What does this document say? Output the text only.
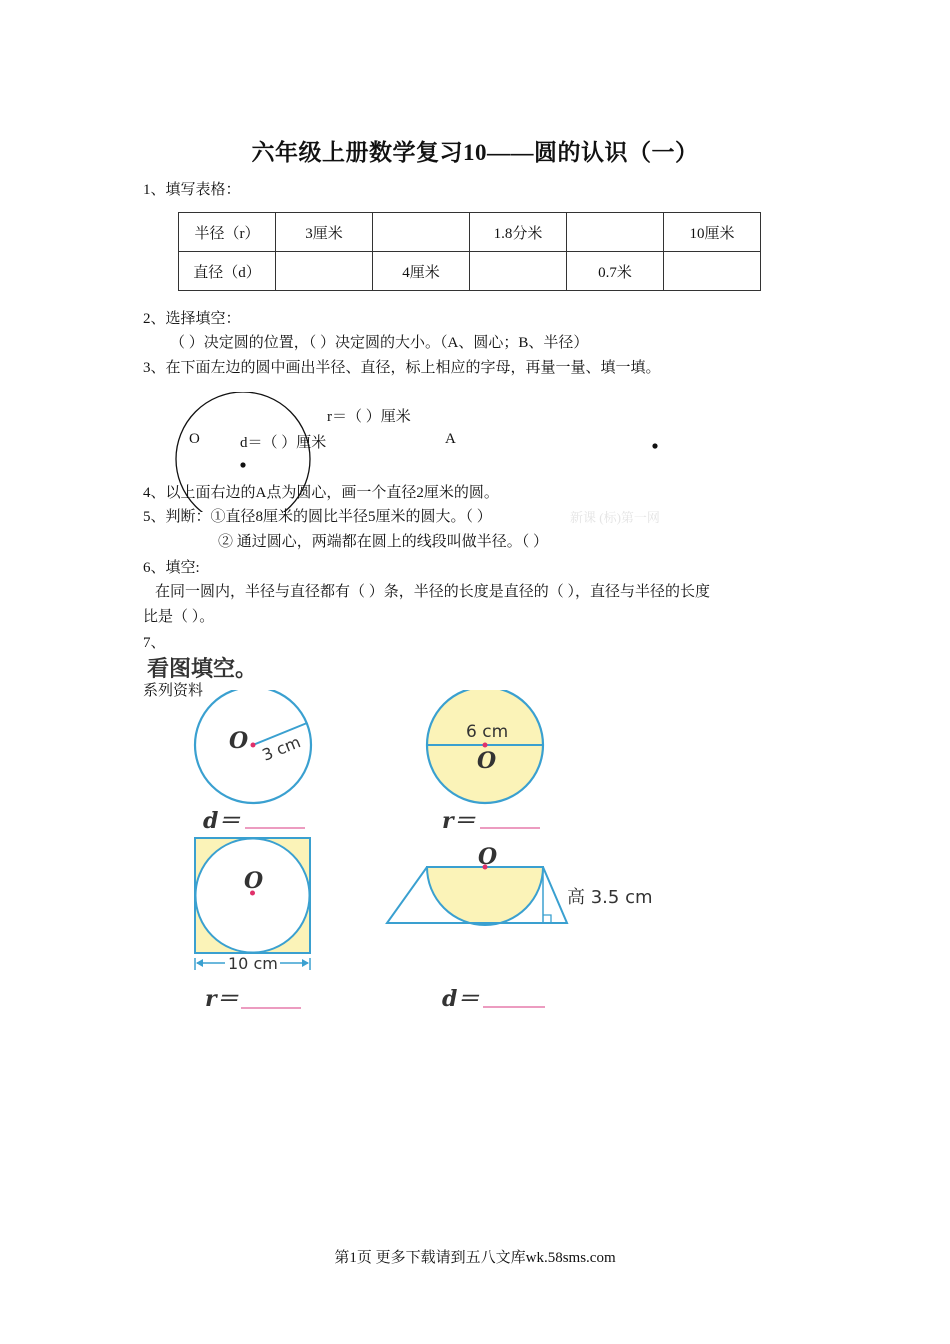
六年级上册数学复习10——圆的认识（一）
1、填写表格：
半径（r）	3厘米		1.8分米		10厘米
直径（d）		4厘米		0.7米	
2、选择填空：
（ ）决定圆的位置，（ ）决定圆的大小。（A、圆心；B、半径）
3、在下面左边的圆中画出半径、直径，标上相应的字母，再量一量、填一填。
r＝（ ）厘米
O	d＝（ ）厘米	A
4、以上面右边的A点为圆心，画一个直径2厘米的圆。
5、判断：①直径8厘米的圆比半径5厘米的圆大。（ ）	新课 (标)第一网
② 通过圆心，两端都在圆上的线段叫做半径。（ ）
6、填空:
在同一圆内，半径与直径都有（ ）条，半径的长度是直径的（ ），直径与半径的长度
比是（ ）。
7、
看图填空。
系列资料
O 3 cm
d＝
6 cm
O
r＝
O
10 cm
r＝
O
高 3.5 cm
d＝
第1页 更多下载请到五八文库wk.58sms.com
